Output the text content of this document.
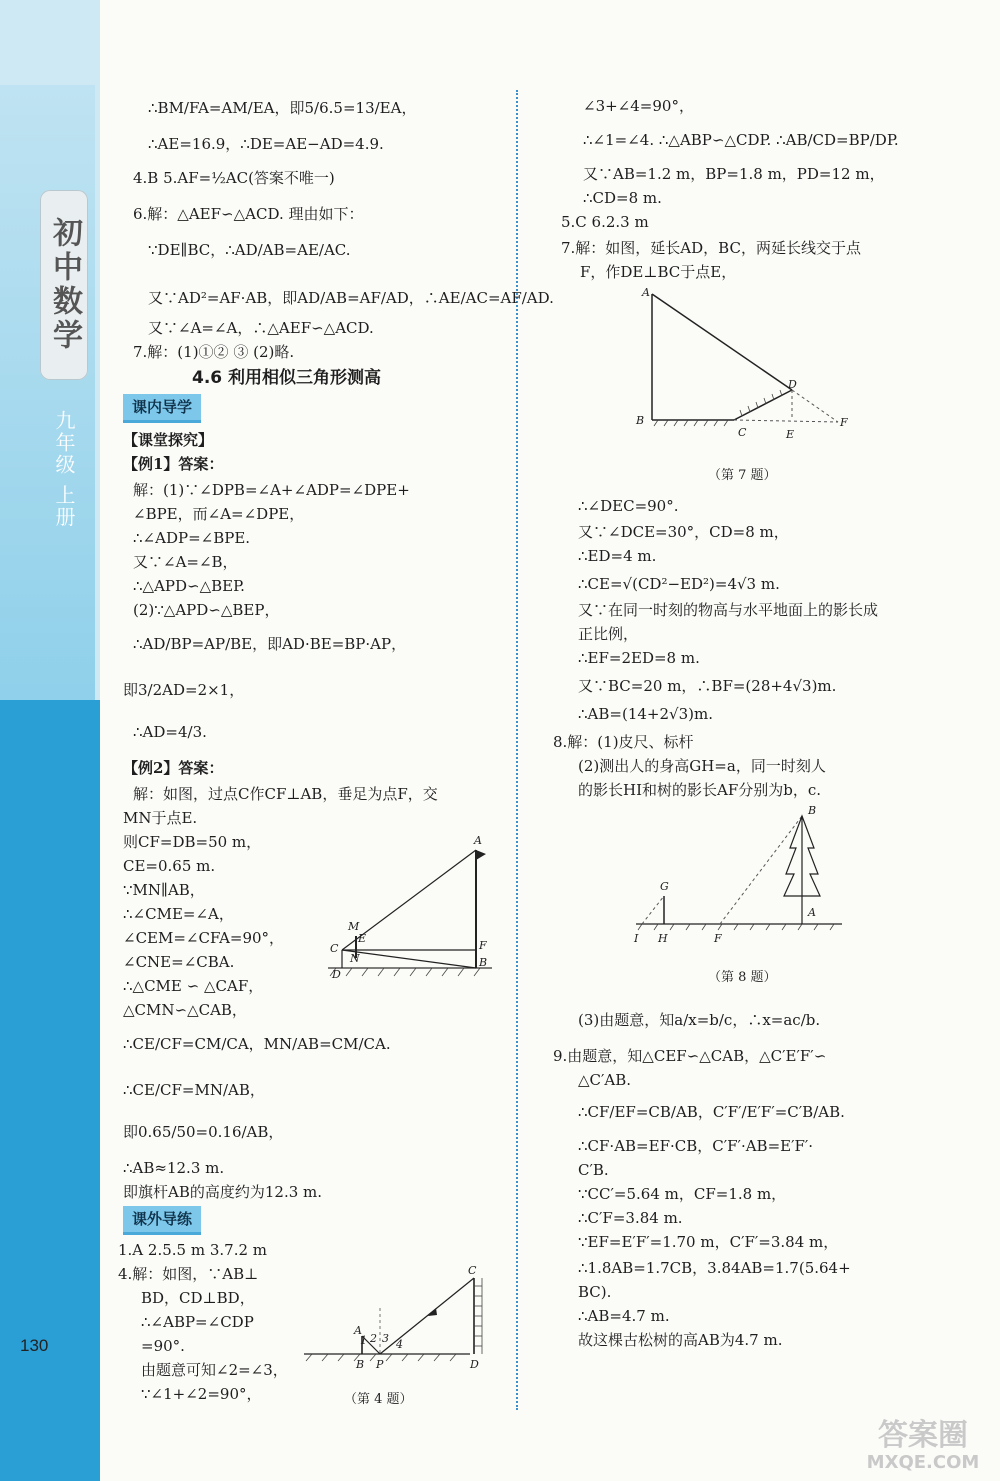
初中数学
九年级 上册
130
∴BM/FA=AM/EA，即5/6.5=13/EA，
∴AE=16.9，∴DE=AE−AD=4.9.
4.B 5.AF=½AC(答案不唯一)
6.解：△AEF∽△ACD. 理由如下：
∵DE∥BC，∴AD/AB=AE/AC.
又∵AD²=AF·AB，即AD/AB=AF/AD，∴AE/AC=AF/AD.
又∵∠A=∠A，∴△AEF∽△ACD.
7.解：(1)①② ③ (2)略.
4.6 利用相似三角形测高
课内导学
【课堂探究】
【例1】答案：
解：(1)∵∠DPB=∠A+∠ADP=∠DPE+
∠BPE，而∠A=∠DPE，
∴∠ADP=∠BPE.
又∵∠A=∠B，
∴△APD∽△BEP.
(2)∵△APD∽△BEP，
∴AD/BP=AP/BE，即AD·BE=BP·AP，
即3/2AD=2×1，
∴AD=4/3.
【例2】答案：
解：如图，过点C作CF⊥AB，垂足为点F，交
MN于点E.
则CF=DB=50 m，
CE=0.65 m.
∵MN∥AB，
∴∠CME=∠A，
∠CEM=∠CFA=90°，
∠CNE=∠CBA.
∴△CME ∽ △CAF，
△CMN∽△CAB，
∴CE/CF=CM/CA，MN/AB=CM/CA.
∴CE/CF=MN/AB，
即0.65/50=0.16/AB，
∴AB≈12.3 m.
即旗杆AB的高度约为12.3 m.
课外导练
1.A 2.5.5 m 3.7.2 m
4.解：如图，∵AB⊥
BD，CD⊥BD，
∴∠ABP=∠CDP
=90°.
由题意可知∠2=∠3，
∵∠1+∠2=90°，
C
M
E
N
D
A
F
B
A
1 2 3 4
B P
C
D
（第 4 题）
∠3+∠4=90°，
∴∠1=∠4. ∴△ABP∽△CDP. ∴AB/CD=BP/DP.
又∵AB=1.2 m，BP=1.8 m，PD=12 m，
∴CD=8 m.
5.C 6.2.3 m
7.解：如图，延长AD，BC，两延长线交于点
F，作DE⊥BC于点E，
∴∠DEC=90°.
又∵∠DCE=30°，CD=8 m，
∴ED=4 m.
∴CE=√(CD²−ED²)=4√3 m.
又∵在同一时刻的物高与水平地面上的影长成
正比例，
∴EF=2ED=8 m.
又∵BC=20 m，∴BF=(28+4√3)m.
∴AB=(14+2√3)m.
8.解：(1)皮尺、标杆
(2)测出人的身高GH=a，同一时刻人
的影长HI和树的影长AF分别为b，c.
(3)由题意，知a/x=b/c，∴x=ac/b.
9.由题意，知△CEF∽△CAB，△C′E′F′∽
△C′AB.
∴CF/EF=CB/AB，C′F′/E′F′=C′B/AB.
∴CF·AB=EF·CB，C′F′·AB=E′F′·
C′B.
∵CC′=5.64 m，CF=1.8 m，
∴C′F=3.84 m.
∵EF=E′F′=1.70 m，C′F′=3.84 m，
∴1.8AB=1.7CB，3.84AB=1.7(5.64+
BC).
∴AB=4.7 m.
故这棵古松树的高AB为4.7 m.
A
B
C
D
E
F
（第 7 题）
G
I H	F
B
A
（第 8 题）
答案圈
MXQE.COM
